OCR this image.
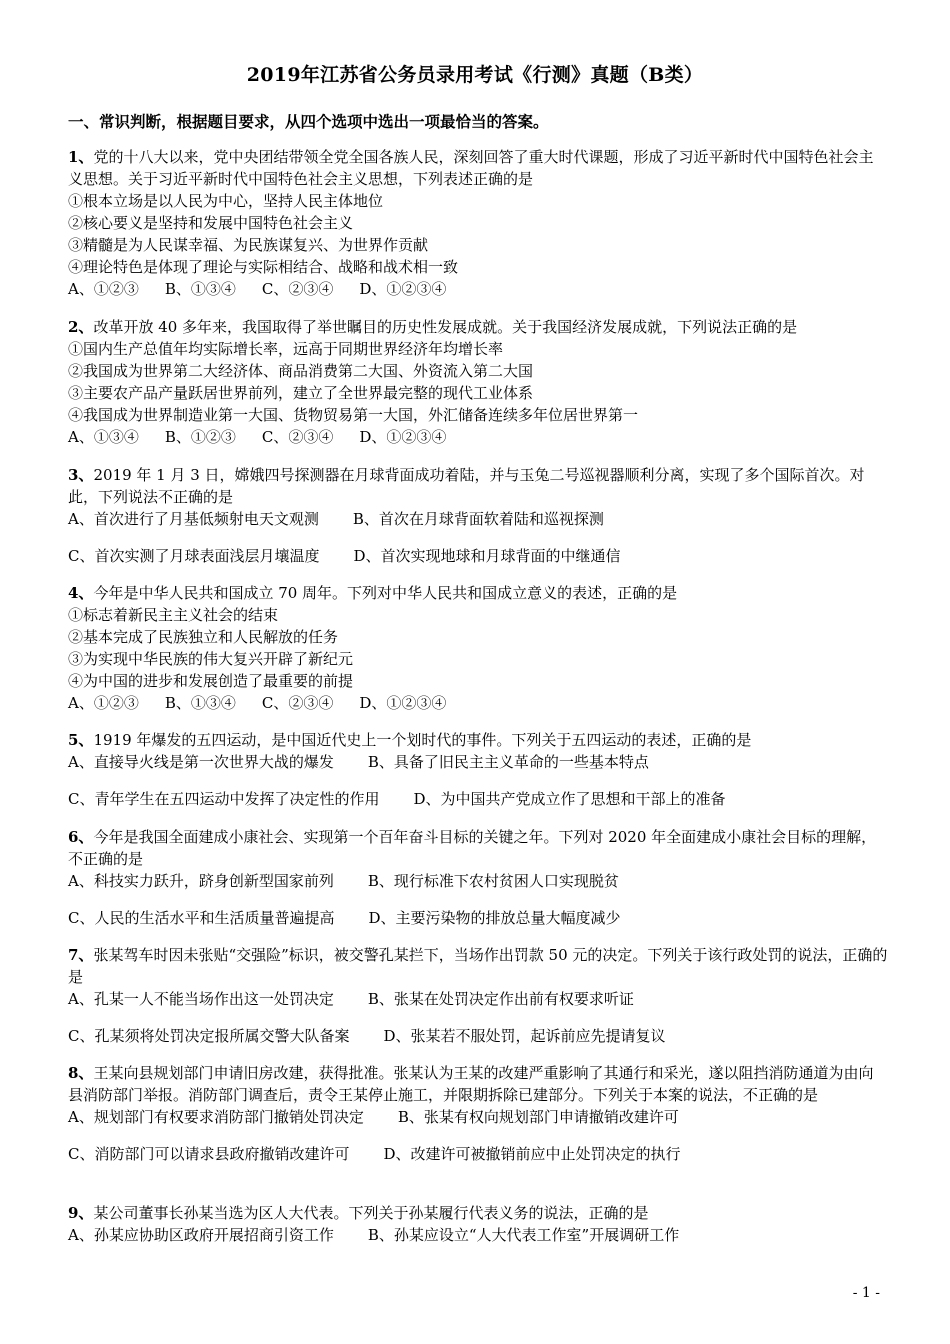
2019年江苏省公务员录用考试《行测》真题（B类）
一、常识判断，根据题目要求，从四个选项中选出一项最恰当的答案。

1、党的十八大以来，党中央团结带领全党全国各族人民，深刻回答了重大时代课题，形成了习近平新时代中国特色社会主义思想。关于习近平新时代中国特色社会主义思想，下列表述正确的是

①根本立场是以人民为中心，坚持人民主体地位

②核心要义是坚持和发展中国特色社会主义

③精髓是为人民谋幸福、为民族谋复兴、为世界作贡献

④理论特色是体现了理论与实际相结合、战略和战术相一致

A、①②③ B、①③④ C、②③④ D、①②③④

2、改革开放 40 多年来，我国取得了举世瞩目的历史性发展成就。关于我国经济发展成就，下列说法正确的是

①国内生产总值年均实际增长率，远高于同期世界经济年均增长率

②我国成为世界第二大经济体、商品消费第二大国、外资流入第二大国

③主要农产品产量跃居世界前列，建立了全世界最完整的现代工业体系

④我国成为世界制造业第一大国、货物贸易第一大国，外汇储备连续多年位居世界第一

A、①③④ B、①②③ C、②③④ D、①②③④

3、2019 年 1 月 3 日，嫦娥四号探测器在月球背面成功着陆，并与玉兔二号巡视器顺利分离，实现了多个国际首次。对此，下列说法不正确的是

A、首次进行了月基低频射电天文观测 B、首次在月球背面软着陆和巡视探测

C、首次实测了月球表面浅层月壤温度 D、首次实现地球和月球背面的中继通信

4、今年是中华人民共和国成立 70 周年。下列对中华人民共和国成立意义的表述，正确的是

①标志着新民主主义社会的结束

②基本完成了民族独立和人民解放的任务

③为实现中华民族的伟大复兴开辟了新纪元

④为中国的进步和发展创造了最重要的前提

A、①②③ B、①③④ C、②③④ D、①②③④

5、1919 年爆发的五四运动，是中国近代史上一个划时代的事件。下列关于五四运动的表述，正确的是

A、直接导火线是第一次世界大战的爆发 B、具备了旧民主主义革命的一些基本特点

C、青年学生在五四运动中发挥了决定性的作用 D、为中国共产党成立作了思想和干部上的准备

6、今年是我国全面建成小康社会、实现第一个百年奋斗目标的关键之年。下列对 2020 年全面建成小康社会目标的理解，不正确的是

A、科技实力跃升，跻身创新型国家前列 B、现行标准下农村贫困人口实现脱贫

C、人民的生活水平和生活质量普遍提高 D、主要污染物的排放总量大幅度减少

7、张某驾车时因未张贴“交强险”标识，被交警孔某拦下，当场作出罚款 50 元的决定。下列关于该行政处罚的说法，正确的是

A、孔某一人不能当场作出这一处罚决定 B、张某在处罚决定作出前有权要求听证

C、孔某须将处罚决定报所属交警大队备案 D、张某若不服处罚，起诉前应先提请复议

8、王某向县规划部门申请旧房改建，获得批准。张某认为王某的改建严重影响了其通行和采光，遂以阻挡消防通道为由向县消防部门举报。消防部门调查后，责令王某停止施工，并限期拆除已建部分。下列关于本案的说法，不正确的是

A、规划部门有权要求消防部门撤销处罚决定 B、张某有权向规划部门申请撤销改建许可

C、消防部门可以请求县政府撤销改建许可 D、改建许可被撤销前应中止处罚决定的执行

9、某公司董事长孙某当选为区人大代表。下列关于孙某履行代表义务的说法，正确的是

A、孙某应协助区政府开展招商引资工作 B、孙某应设立“人大代表工作室”开展调研工作

- 1 -
